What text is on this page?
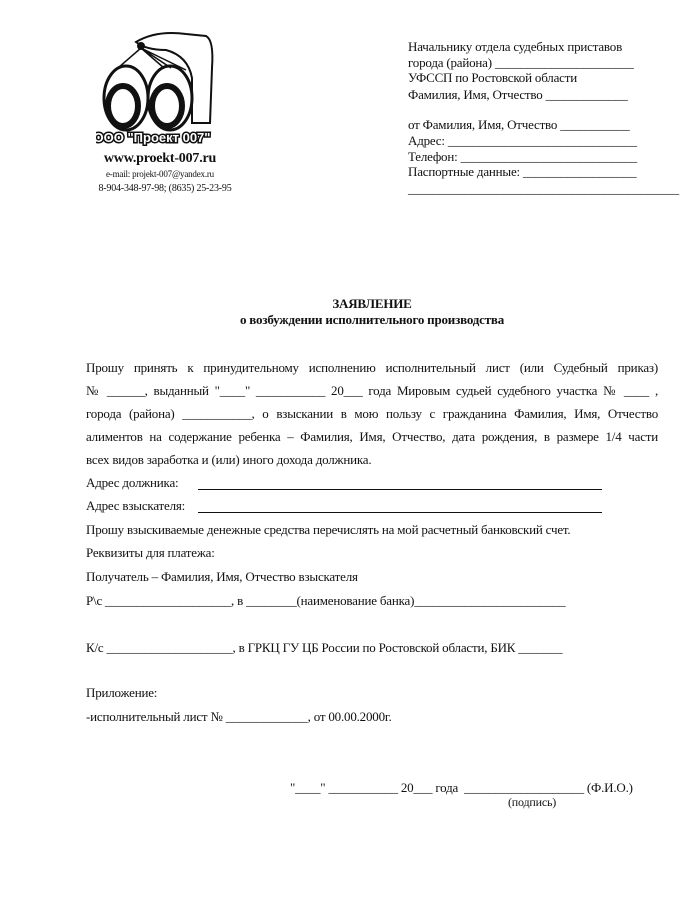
ООО "Проект 007"
www.proekt-007.ru
e-mail: projekt-007@yandex.ru
8-904-348-97-98; (8635) 25-23-95
Начальнику отдела судебных приставов
города (района) ______________________
УФССП по Ростовской области
Фамилия, Имя, Отчество _____________
от Фамилия, Имя, Отчество ___________
Адрес: ______________________________
Телефон: ____________________________
Паспортные данные: __________________
___________________________________________
ЗАЯВЛЕНИЕ
о возбуждении исполнительного производства
Прошу принять к принудительному исполнению исполнительный лист (или Судебный приказ)
№ ______, выданный "____" ___________ 20___ года Мировым судьей судебного участка № ____ ,
города (района) ___________, о взыскании в мою пользу с гражданина Фамилия, Имя, Отчество
алиментов на содержание ребенка – Фамилия, Имя, Отчество, дата рождения, в размере 1/4 части
всех видов заработка и (или) иного дохода должника.
Адрес должника:
Адрес взыскателя:
Прошу взыскиваемые денежные средства перечислять на мой расчетный банковский счет.
Реквизиты для платежа:
Получатель – Фамилия, Имя, Отчество взыскателя
Р\с ____________________, в ________(наименование банка)________________________
К/с ____________________, в ГРКЦ ГУ ЦБ России по Ростовской области, БИК _______
Приложение:
-исполнительный лист № _____________, от 00.00.2000г.
"____" ___________ 20___ года  ___________________ (Ф.И.О.)
(подпись)
